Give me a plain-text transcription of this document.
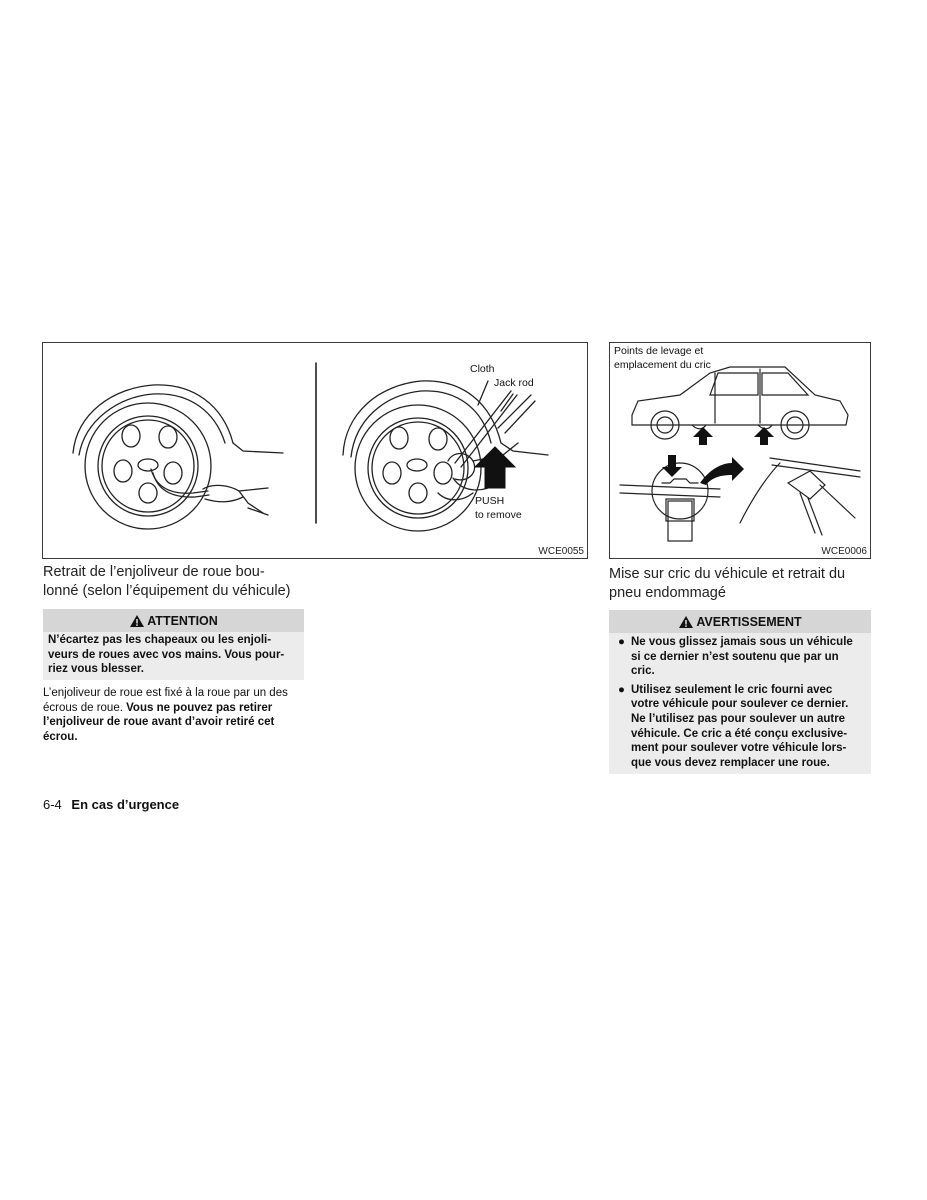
Cloth
Jack rod
PUSH
to remove
WCE0055
Points de levage et
emplacement du cric
WCE0006
Retrait de l’enjoliveur de roue bou-
lonné (selon l’équipement du véhicule)
ATTENTION
N’écartez pas les chapeaux ou les enjoli-
veurs de roues avec vos mains. Vous pour-
riez vous blesser.
L’enjoliveur de roue est fixé à la roue par un des
écrous de roue. Vous ne pouvez pas retirer
l’enjoliveur de roue avant d’avoir retiré cet
écrou.
Mise sur cric du véhicule et retrait du
pneu endommagé
AVERTISSEMENT
● Ne vous glissez jamais sous un véhicule
si ce dernier n’est soutenu que par un
cric.
● Utilisez seulement le cric fourni avec
votre véhicule pour soulever ce dernier.
Ne l’utilisez pas pour soulever un autre
véhicule. Ce cric a été conçu exclusive-
ment pour soulever votre véhicule lors-
que vous devez remplacer une roue.
6-4 En cas d’urgence
